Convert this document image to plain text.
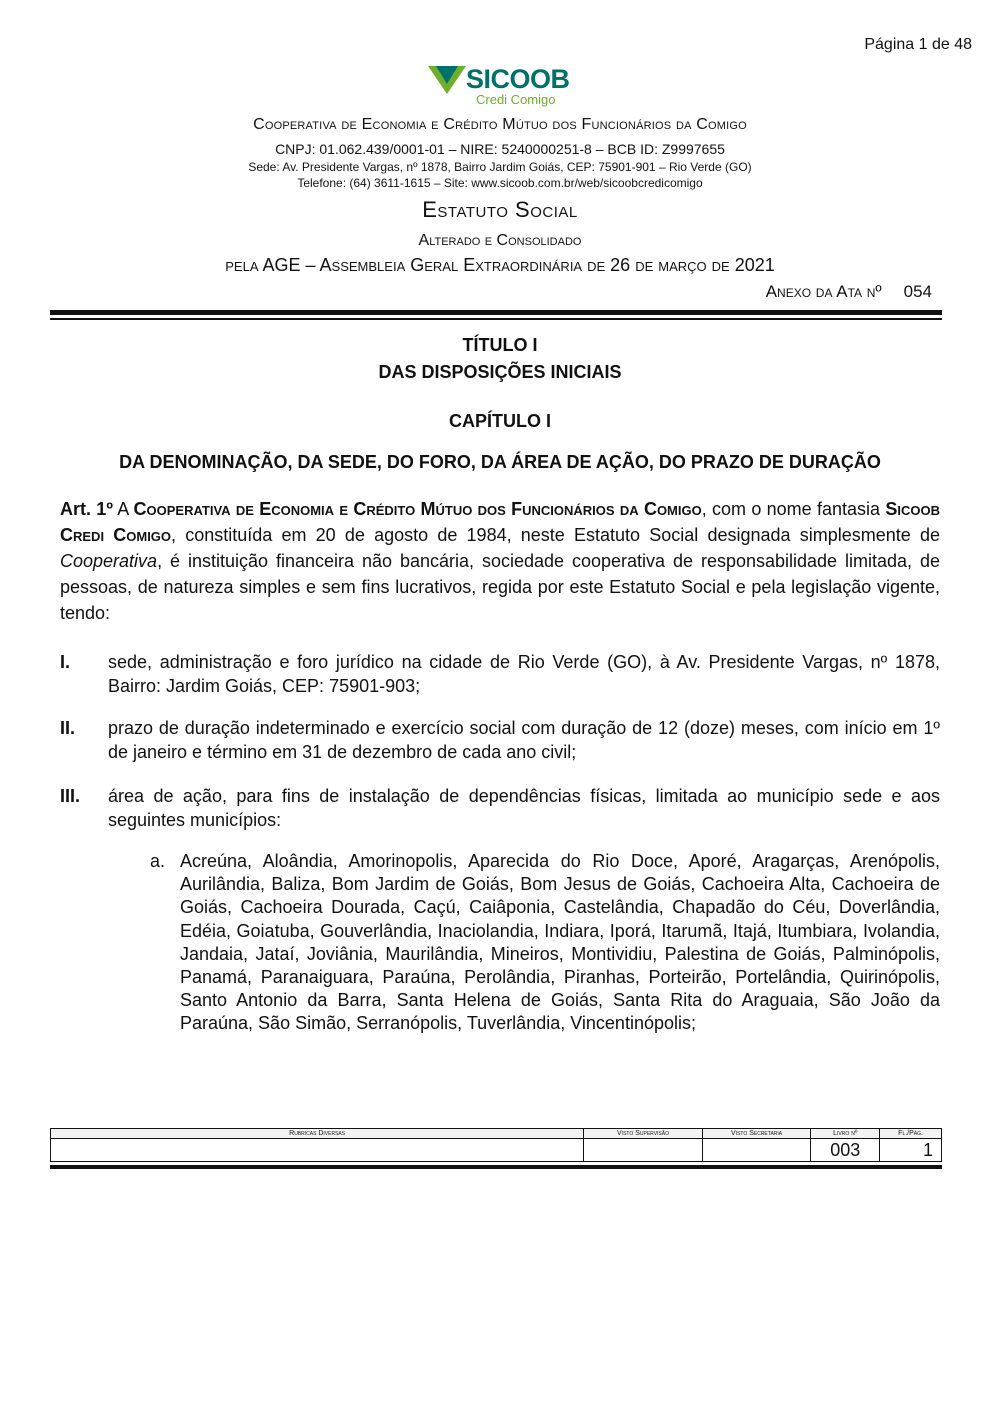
Página 1 de 48
SICOOB
Credi Comigo
Cooperativa de Economia e Crédito Mútuo dos Funcionários da Comigo
CNPJ: 01.062.439/0001-01 – NIRE: 5240000251-8 – BCB ID: Z9997655
Sede: Av. Presidente Vargas, nº 1878, Bairro Jardim Goiás, CEP: 75901-901 – Rio Verde (GO)
Telefone: (64) 3611-1615 – Site: www.sicoob.com.br/web/sicoobcredicomigo
Estatuto Social
Alterado e Consolidado
pela AGE – Assembleia Geral Extraordinária de 26 de março de 2021
Anexo da Ata nº 054
TÍTULO I
DAS DISPOSIÇÕES INICIAIS
CAPÍTULO I
DA DENOMINAÇÃO, DA SEDE, DO FORO, DA ÁREA DE AÇÃO, DO PRAZO DE DURAÇÃO
Art. 1º A Cooperativa de Economia e Crédito Mútuo dos Funcionários da Comigo, com o nome fantasia Sicoob Credi Comigo, constituída em 20 de agosto de 1984, neste Estatuto Social designada simplesmente de Cooperativa, é instituição financeira não bancária, sociedade cooperativa de responsabilidade limitada, de pessoas, de natureza simples e sem fins lucrativos, regida por este Estatuto Social e pela legislação vigente, tendo:
I. sede, administração e foro jurídico na cidade de Rio Verde (GO), à Av. Presidente Vargas, nº 1878, Bairro: Jardim Goiás, CEP: 75901-903;
II. prazo de duração indeterminado e exercício social com duração de 12 (doze) meses, com início em 1º de janeiro e término em 31 de dezembro de cada ano civil;
III. área de ação, para fins de instalação de dependências físicas, limitada ao município sede e aos seguintes municípios:
a. Acreúna, Aloândia, Amorinopolis, Aparecida do Rio Doce, Aporé, Aragarças, Arenópolis, Aurilândia, Baliza, Bom Jardim de Goiás, Bom Jesus de Goiás, Cachoeira Alta, Cachoeira de Goiás, Cachoeira Dourada, Caçú, Caiâponia, Castelândia, Chapadão do Céu, Doverlândia, Edéia, Goiatuba, Gouverlândia, Inaciolandia, Indiara, Iporá, Itarumã, Itajá, Itumbiara, Ivolandia, Jandaia, Jataí, Joviânia, Maurilândia, Mineiros, Montividiu, Palestina de Goiás, Palminópolis, Panamá, Paranaiguara, Paraúna, Perolândia, Piranhas, Porteirão, Portelândia, Quirinópolis, Santo Antonio da Barra, Santa Helena de Goiás, Santa Rita do Araguaia, São João da Paraúna, São Simão, Serranópolis, Tuverlândia, Vincentinópolis;
Rubricas Diversas	Visto Supervisão	Visto Secretaria	Livro nº	Fl./Pág.
			003	1
